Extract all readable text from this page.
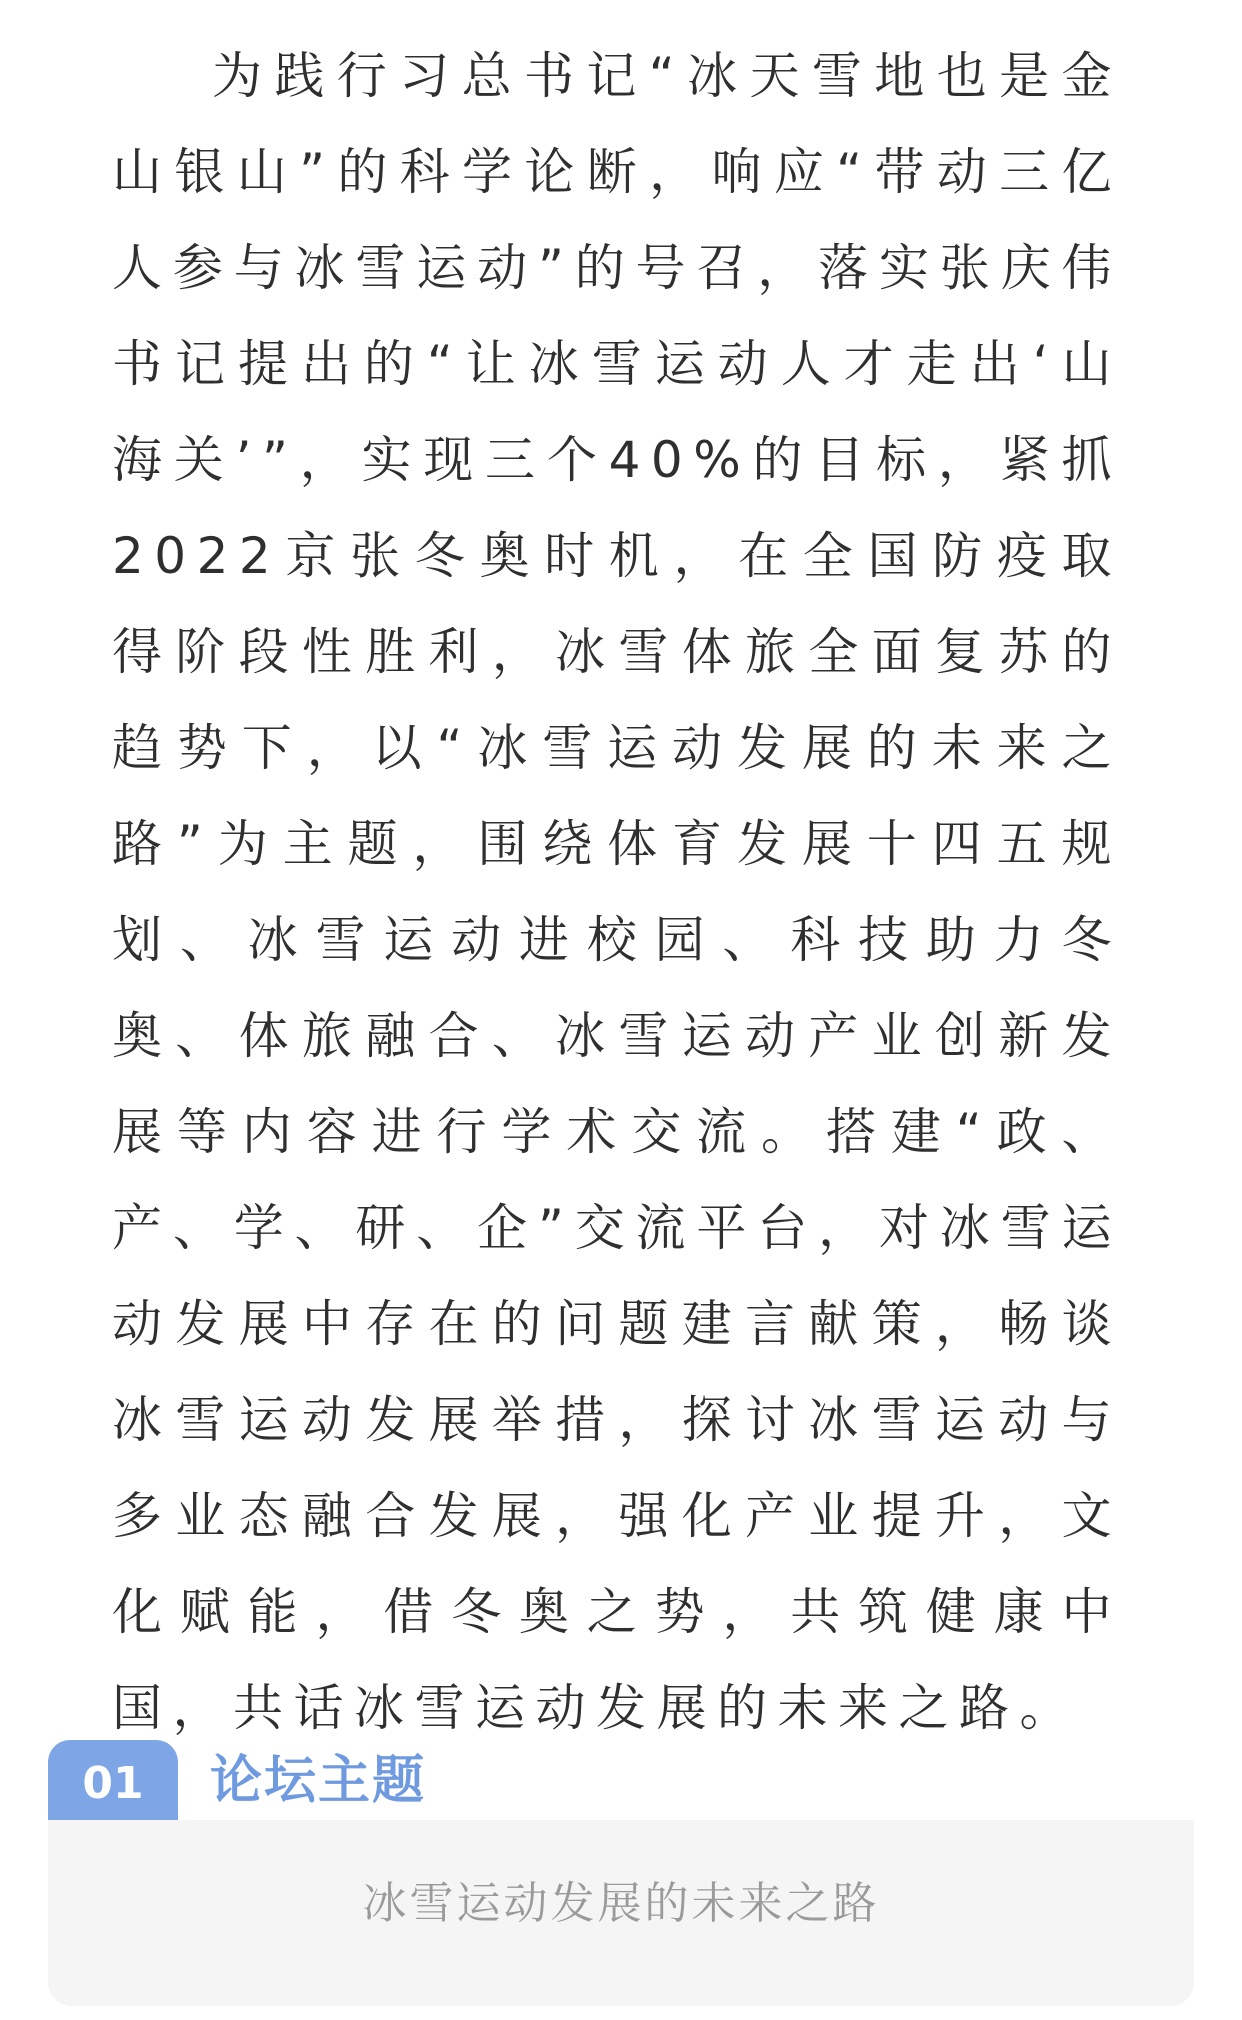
为践行习总书记“冰天雪地也是金山银山”的科学论断，响应“带动三亿人参与冰雪运动”的号召，落实张庆伟书记提出的“让冰雪运动人才走出‘山海关’”，实现三个40%的目标，紧抓2022京张冬奥时机，在全国防疫取得阶段性胜利，冰雪体旅全面复苏的趋势下，以“冰雪运动发展的未来之路”为主题，围绕体育发展十四五规划、冰雪运动进校园、科技助力冬奥、体旅融合、冰雪运动产业创新发展等内容进行学术交流。搭建“政、产、学、研、企”交流平台，对冰雪运动发展中存在的问题建言献策，畅谈冰雪运动发展举措，探讨冰雪运动与多业态融合发展，强化产业提升，文化赋能，借冬奥之势，共筑健康中国，共话冰雪运动发展的未来之路。

01	论坛主题
冰雪运动发展的未来之路
